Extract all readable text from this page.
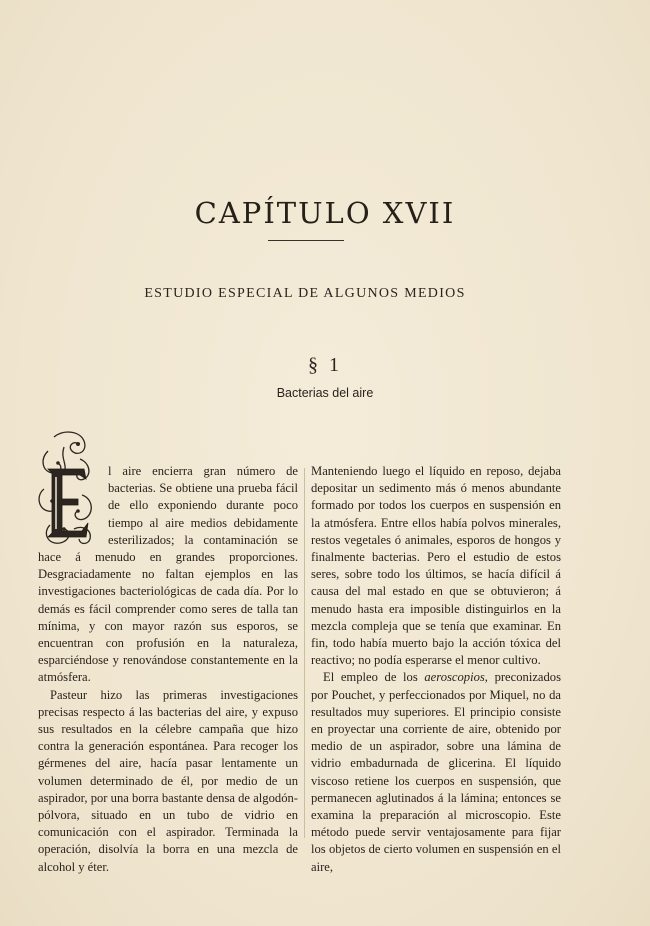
CAPÍTULO XVII
ESTUDIO ESPECIAL DE ALGUNOS MEDIOS
§ 1
Bacterias del aire

l aire encierra gran número de bacterias. Se obtiene una prueba fácil de ello exponiendo durante poco tiempo al aire medios debidamente esterilizados; la contaminación se hace á menudo en grandes proporciones. Desgraciadamente no faltan ejemplos en las investigaciones bacteriológicas de cada día. Por lo demás es fácil comprender como seres de talla tan mínima, y con mayor razón sus esporos, se encuentran con profusión en la naturaleza, esparciéndose y renovándose constantemente en la atmósfera.

Pasteur hizo las primeras investigaciones precisas respecto á las bacterias del aire, y expuso sus resultados en la célebre campaña que hizo contra la generación espontánea. Para recoger los gérmenes del aire, hacía pasar lentamente un volumen determinado de él, por medio de un aspirador, por una borra bastante densa de algodón-pólvora, situado en un tubo de vidrio en comunicación con el aspirador. Terminada la operación, disolvía la borra en una mezcla de alcohol y éter.

Manteniendo luego el líquido en reposo, dejaba depositar un sedimento más ó menos abundante formado por todos los cuerpos en suspensión en la atmósfera. Entre ellos había polvos minerales, restos vegetales ó animales, esporos de hongos y finalmente bacterias. Pero el estudio de estos seres, sobre todo los últimos, se hacía difícil á causa del mal estado en que se obtuvieron; á menudo hasta era imposible distinguirlos en la mezcla compleja que se tenía que examinar. En fin, todo había muerto bajo la acción tóxica del reactivo; no podía esperarse el menor cultivo.

El empleo de los aeroscopios, preconizados por Pouchet, y perfeccionados por Miquel, no da resultados muy superiores. El principio consiste en proyectar una corriente de aire, obtenido por medio de un aspirador, sobre una lámina de vidrio embadurnada de glicerina. El líquido viscoso retiene los cuerpos en suspensión, que permanecen aglutinados á la lámina; entonces se examina la preparación al microscopio. Este método puede servir ventajosamente para fijar los objetos de cierto volumen en suspensión en el aire,
